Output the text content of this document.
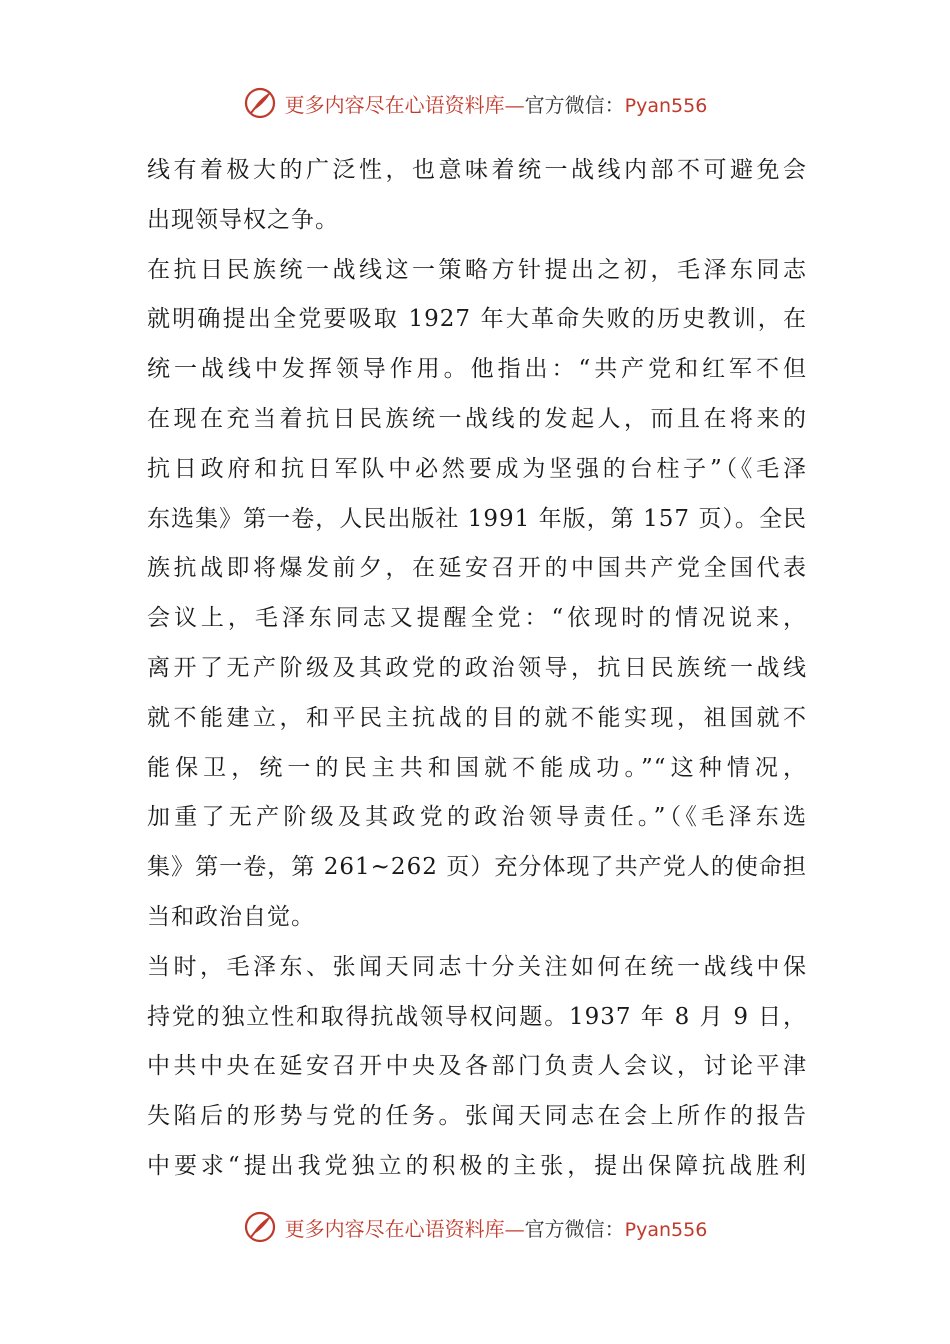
更多内容尽在心语资料库—官方微信：Pyan556
线有着极大的广泛性，也意味着统一战线内部不可避免会
出现领导权之争。
在抗日民族统一战线这一策略方针提出之初，毛泽东同志
就明确提出全党要吸取 1927 年大革命失败的历史教训，在
统一战线中发挥领导作用。他指出：“共产党和红军不但
在现在充当着抗日民族统一战线的发起人，而且在将来的
抗日政府和抗日军队中必然要成为坚强的台柱子”（《毛泽
东选集》第一卷，人民出版社 1991 年版，第 157 页）。全民
族抗战即将爆发前夕，在延安召开的中国共产党全国代表
会议上，毛泽东同志又提醒全党：“依现时的情况说来，
离开了无产阶级及其政党的政治领导，抗日民族统一战线
就不能建立，和平民主抗战的目的就不能实现，祖国就不
能保卫，统一的民主共和国就不能成功。”“这种情况，
加重了无产阶级及其政党的政治领导责任。”（《毛泽东选
集》第一卷，第 261~262 页）充分体现了共产党人的使命担
当和政治自觉。
当时，毛泽东、张闻天同志十分关注如何在统一战线中保
持党的独立性和取得抗战领导权问题。1937 年 8 月 9 日，
中共中央在延安召开中央及各部门负责人会议，讨论平津
失陷后的形势与党的任务。张闻天同志在会上所作的报告
中要求“提出我党独立的积极的主张，提出保障抗战胜利
更多内容尽在心语资料库—官方微信：Pyan556
